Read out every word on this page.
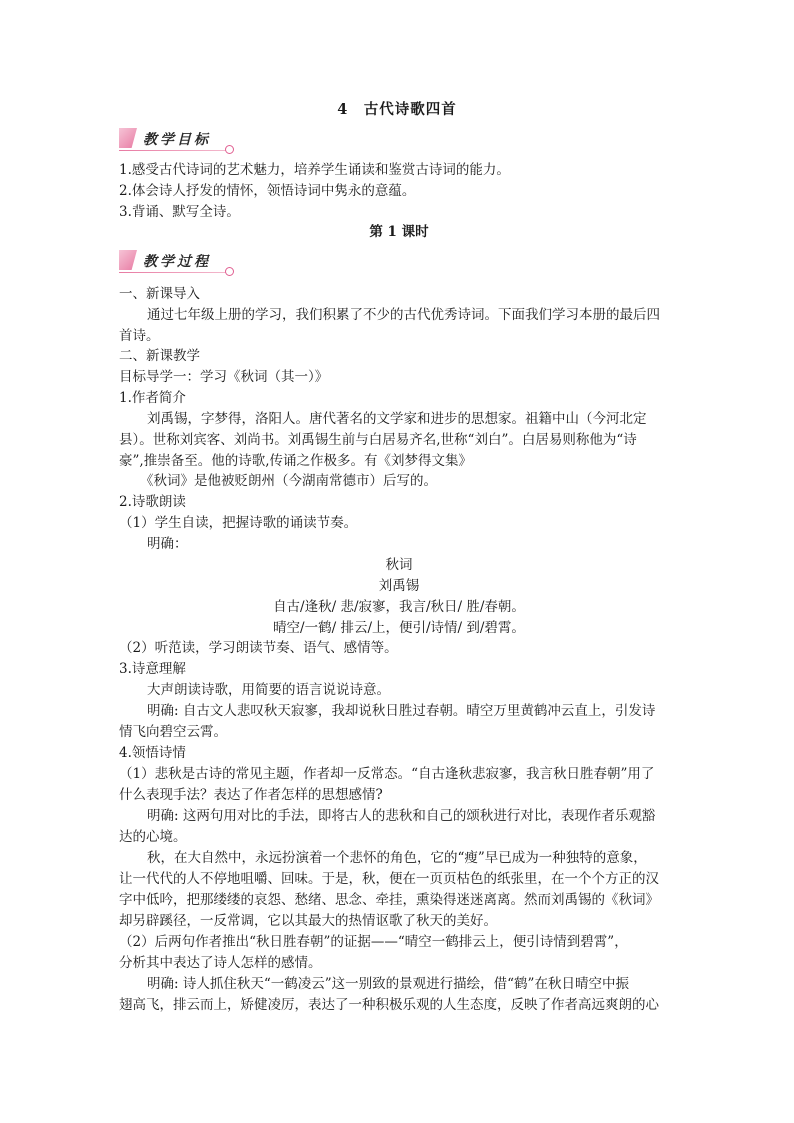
4　古代诗歌四首
教学目标
1.感受古代诗词的艺术魅力，培养学生诵读和鉴赏古诗词的能力。
2.体会诗人抒发的情怀，领悟诗词中隽永的意蕴。
3.背诵、默写全诗。
第 1 课时
教学过程
一、新课导入
通过七年级上册的学习，我们积累了不少的古代优秀诗词。下面我们学习本册的最后四
首诗。
二、新课教学
目标导学一：学习《秋词（其一）》
1.作者简介
刘禹锡，字梦得，洛阳人。唐代著名的文学家和进步的思想家。祖籍中山（今河北定
县）。世称刘宾客、刘尚书。刘禹锡生前与白居易齐名,世称“刘白”。白居易则称他为“诗
豪”,推崇备至。他的诗歌,传诵之作极多。有《刘梦得文集》
《秋词》是他被贬朗州（今湖南常德市）后写的。
2.诗歌朗读
（1）学生自读，把握诗歌的诵读节奏。
明确：
秋词
刘禹锡
自古/逢秋/ 悲/寂寥，我言/秋日/ 胜/春朝。
晴空/一鹤/ 排云/上，便引/诗情/ 到/碧霄。
（2）听范读，学习朗读节奏、语气、感情等。
3.诗意理解
大声朗读诗歌，用简要的语言说说诗意。
明确: 自古文人悲叹秋天寂寥，我却说秋日胜过春朝。晴空万里黄鹤冲云直上，引发诗
情飞向碧空云霄。
4.领悟诗情
（1）悲秋是古诗的常见主题，作者却一反常态。“自古逢秋悲寂寥，我言秋日胜春朝”用了
什么表现手法？表达了作者怎样的思想感情?
明确: 这两句用对比的手法，即将古人的悲秋和自己的颂秋进行对比，表现作者乐观豁
达的心境。
秋，在大自然中，永远扮演着一个悲怀的角色，它的“瘦”早已成为一种独特的意象，
让一代代的人不停地咀嚼、回味。于是，秋，便在一页页枯色的纸张里，在一个个方正的汉
字中低吟，把那缕缕的哀怨、愁绪、思念、牵挂，熏染得迷迷离离。然而刘禹锡的《秋词》
却另辟蹊径，一反常调，它以其最大的热情讴歌了秋天的美好。
（2）后两句作者推出“秋日胜春朝”的证据——“晴空一鹤排云上，便引诗情到碧霄”，
分析其中表达了诗人怎样的感情。
明确: 诗人抓住秋天“一鹤凌云”这一别致的景观进行描绘，借“鹤”在秋日晴空中振
翅高飞，排云而上，矫健凌厉，表达了一种积极乐观的人生态度，反映了作者高远爽朗的心
